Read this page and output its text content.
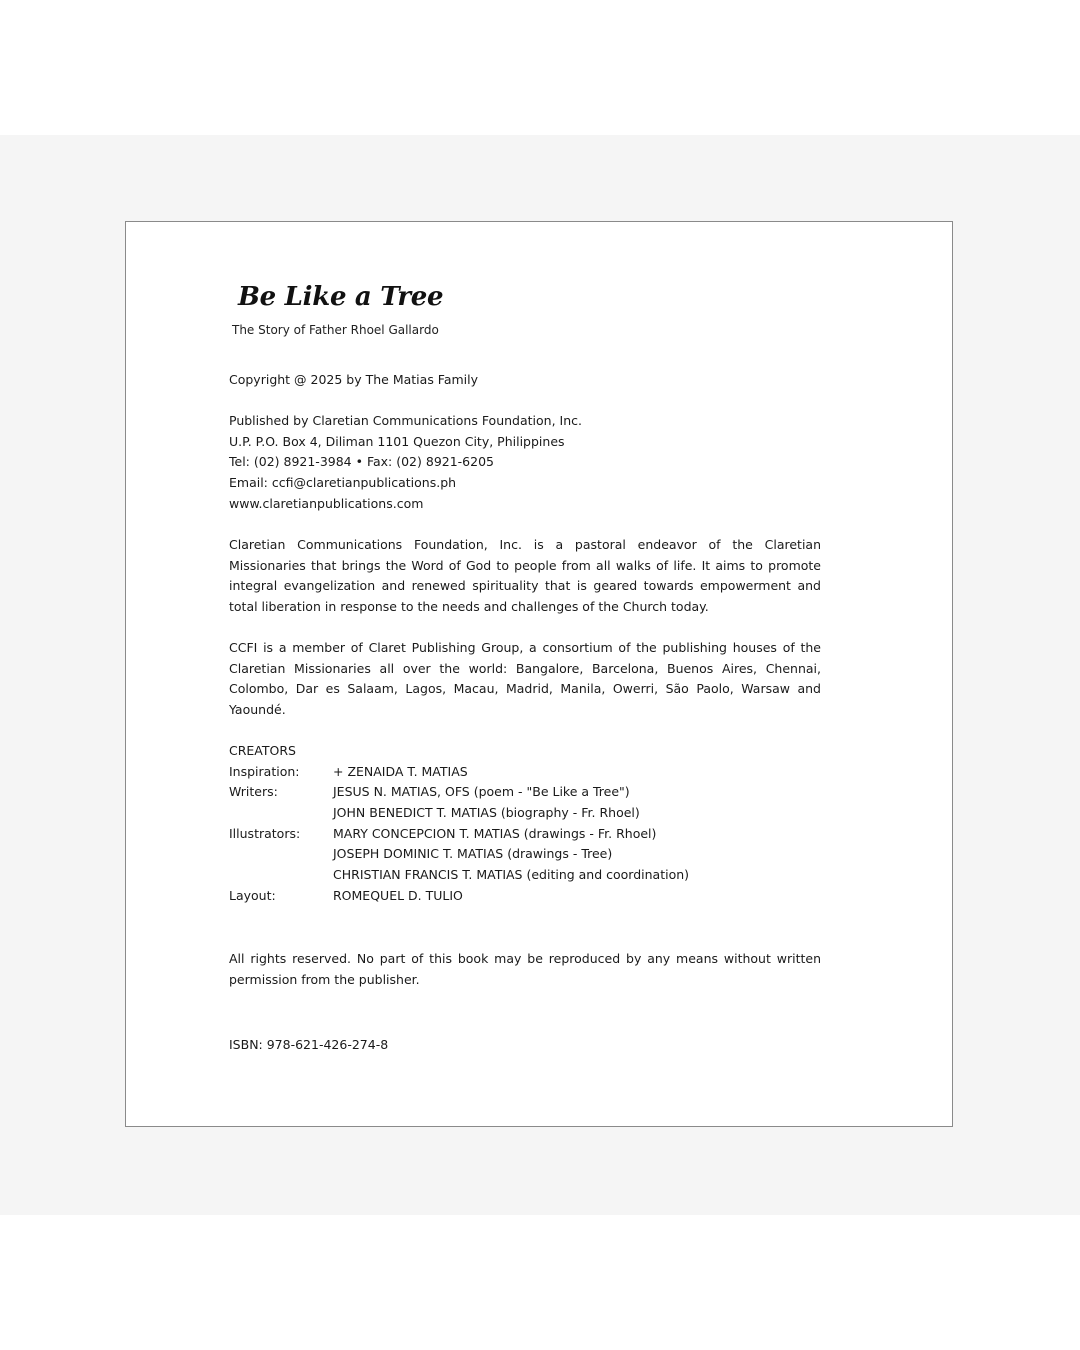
Be Like a Tree
The Story of Father Rhoel Gallardo

Copyright @ 2025 by The Matias Family

Published by Claretian Communications Foundation, Inc.

U.P. P.O. Box 4, Diliman 1101 Quezon City, Philippines

Tel: (02) 8921-3984 • Fax: (02) 8921-6205

Email: ccfi@claretianpublications.ph

www.claretianpublications.com

Claretian Communications Foundation, Inc. is a pastoral endeavor of the Claretian Missionaries that brings the Word of God to people from all walks of life. It aims to promote integral evangelization and renewed spirituality that is geared towards empowerment and total liberation in response to the needs and challenges of the Church today.

CCFI is a member of Claret Publishing Group, a consortium of the publishing houses of the Claretian Missionaries all over the world: Bangalore, Barcelona, Buenos Aires, Chennai, Colombo, Dar es Salaam, Lagos, Macau, Madrid, Manila, Owerri, São Paolo, Warsaw and Yaoundé.

CREATORS

Inspiration:	+ ZENAIDA T. MATIAS
Writers:	JESUS N. MATIAS, OFS (poem - "Be Like a Tree")
JOHN BENEDICT T. MATIAS (biography - Fr. Rhoel)
Illustrators:	MARY CONCEPCION T. MATIAS (drawings - Fr. Rhoel)
JOSEPH DOMINIC T. MATIAS (drawings - Tree)
CHRISTIAN FRANCIS T. MATIAS (editing and coordination)
Layout:	ROMEQUEL D. TULIO

All rights reserved. No part of this book may be reproduced by any means without written permission from the publisher.

ISBN: 978-621-426-274-8
